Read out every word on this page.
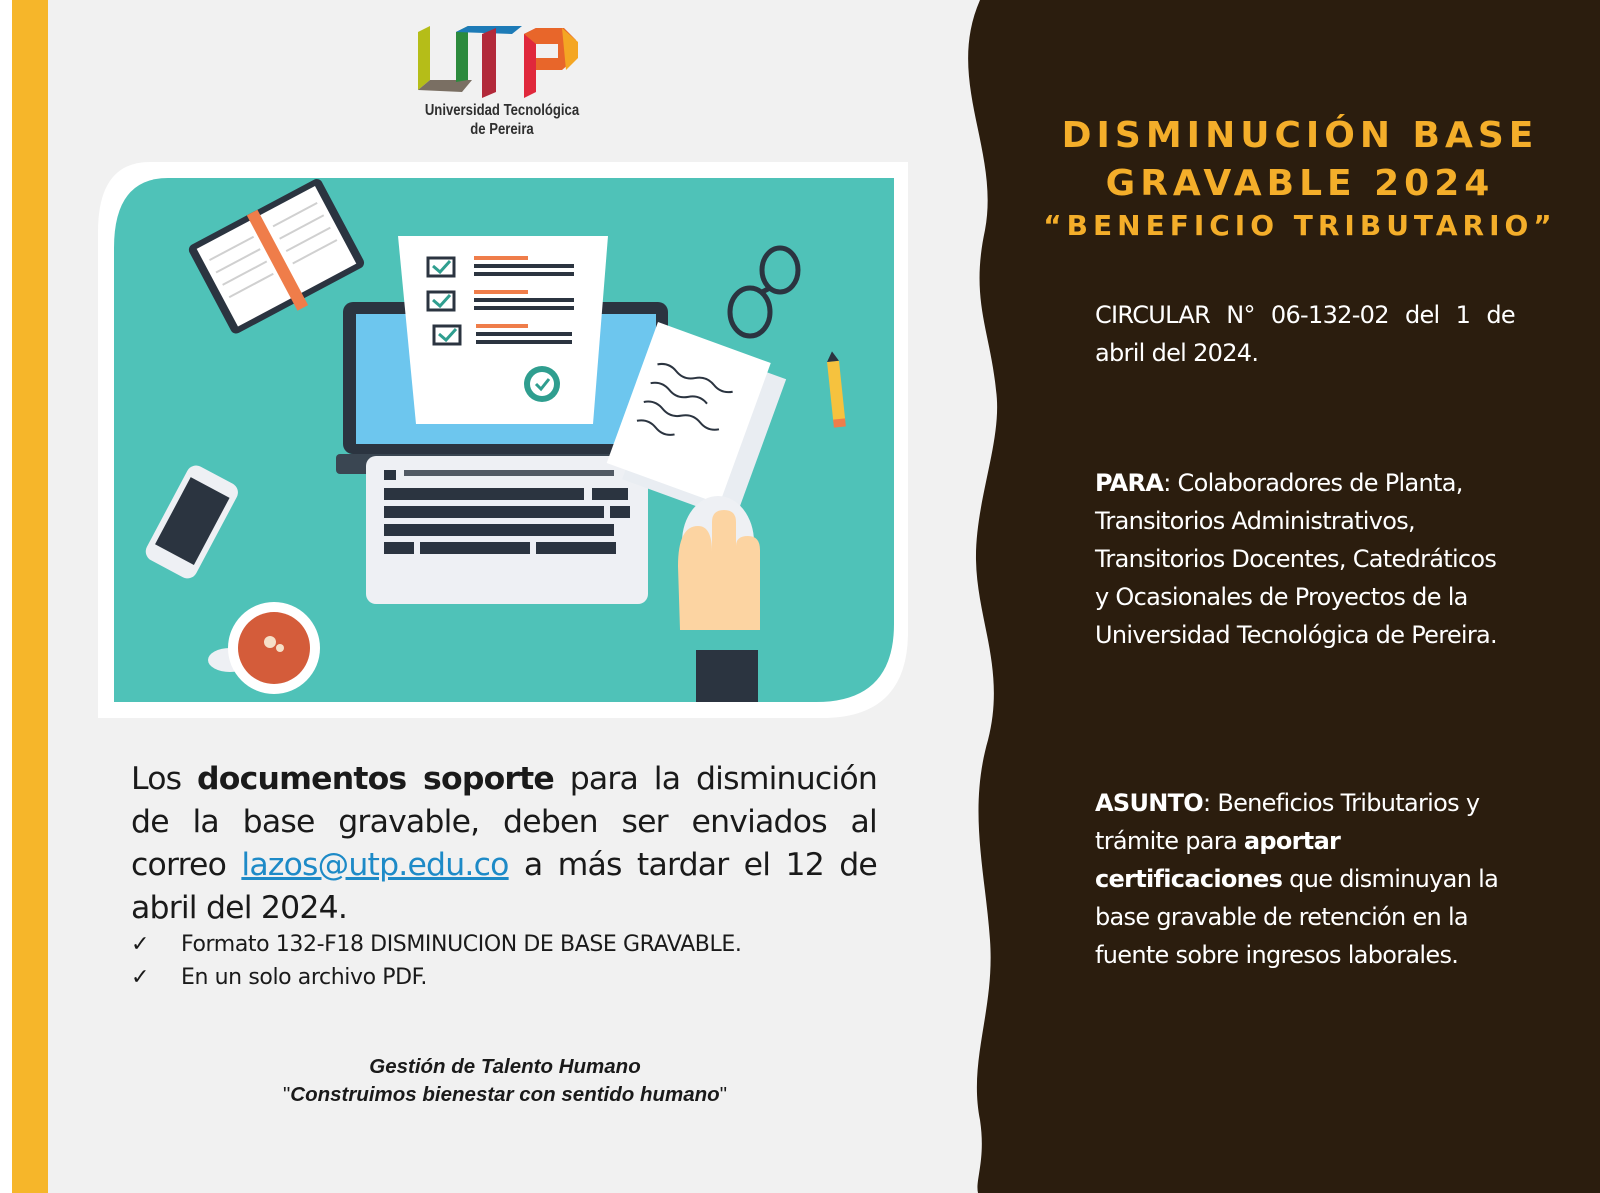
Universidad Tecnológica
de Pereira
Los documentos soporte para la disminución de la base gravable, deben ser enviados al correo lazos@utp.edu.co a más tardar el 12 de abril del 2024.
✓	Formato 132-F18 DISMINUCION DE BASE GRAVABLE.
✓	En un solo archivo PDF.
Gestión de Talento Humano
"Construimos bienestar con sentido humano"
DISMINUCIÓN BASE
GRAVABLE 2024
“BENEFICIO TRIBUTARIO”
CIRCULAR N° 06-132-02 del 1 de abril del 2024.
PARA: Colaboradores de Planta, Transitorios Administrativos, Transitorios Docentes, Catedráticos y Ocasionales de Proyectos de la Universidad Tecnológica de Pereira.
ASUNTO: Beneficios Tributarios y trámite para aportar certificaciones que disminuyan la base gravable de retención en la fuente sobre ingresos laborales.
